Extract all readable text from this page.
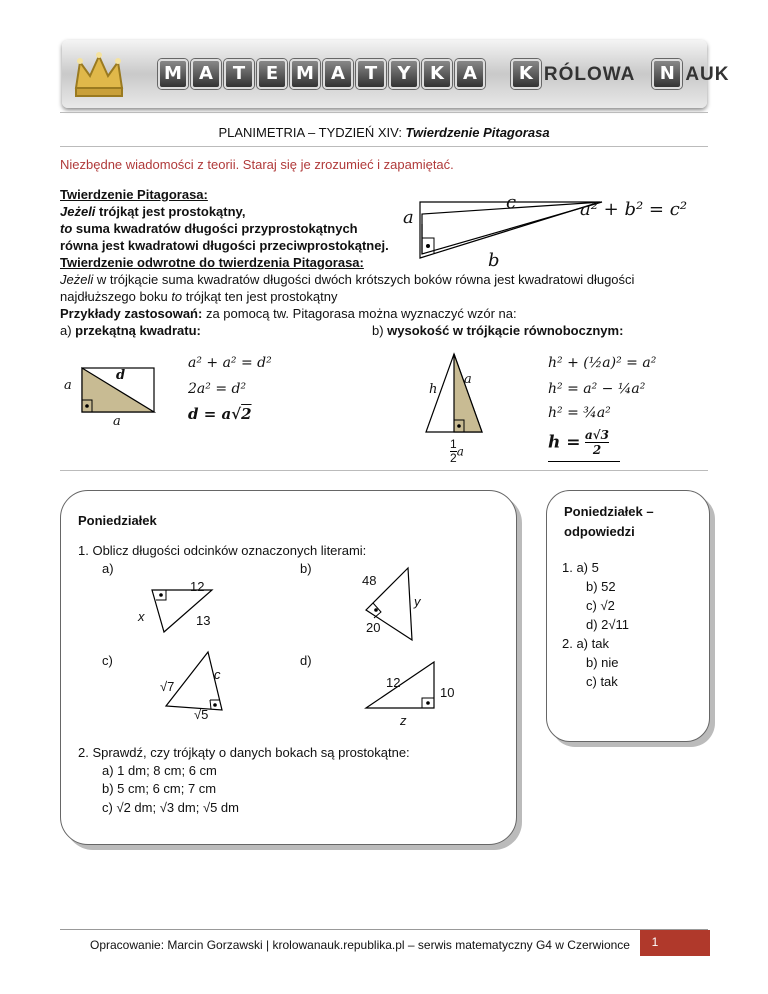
M A T E M A T Y K A K RÓLOWA N AUK
PLANIMETRIA – TYDZIEŃ XIV: Twierdzenie Pitagorasa
Niezbędne wiadomości z teorii. Staraj się je zrozumieć i zapamiętać.
Twierdzenie Pitagorasa:
Jeżeli trójkąt jest prostokątny,
to suma kwadratów długości przyprostokątnych
równa jest kwadratowi długości przeciwprostokątnej.
Twierdzenie odwrotne do twierdzenia Pitagorasa:
Jeżeli w trójkącie suma kwadratów długości dwóch krótszych boków równa jest kwadratowi długości
najdłuższego boku to trójkąt ten jest prostokątny
Przykłady zastosowań: za pomocą tw. Pitagorasa można wyznaczyć wzór na:
a) przekątną kwadratu:	b) wysokość w trójkącie równobocznym:
a
c
b
a² + b² = c²
a
a
d
a² + a² = d²
2a² = d²
d = a√2
a
h
$\frac{1}{2}$ a
h² + (½a)² = a²
h² = a² − ¼a²
h² = ¾a²
$h = \frac{a√3}{2}$
Poniedziałek
1. Oblicz długości odcinków oznaczonych literami:
a)	b)
12
x	13
48
y
20
c)	d)
√7
c
√5
12
10
z
2. Sprawdź, czy trójkąty o danych bokach są prostokątne:
a) 1 dm; 8 cm; 6 cm
b) 5 cm; 6 cm; 7 cm
c) √2 dm; √3 dm; √5 dm
Poniedziałek –
odpowiedzi
1. a) 5
b) 52
c) √2
d) 2√11
2. a) tak
b) nie
c) tak
Opracowanie: Marcin Gorzawski | krolowanauk.republika.pl – serwis matematyczny G4 w Czerwionce	1
